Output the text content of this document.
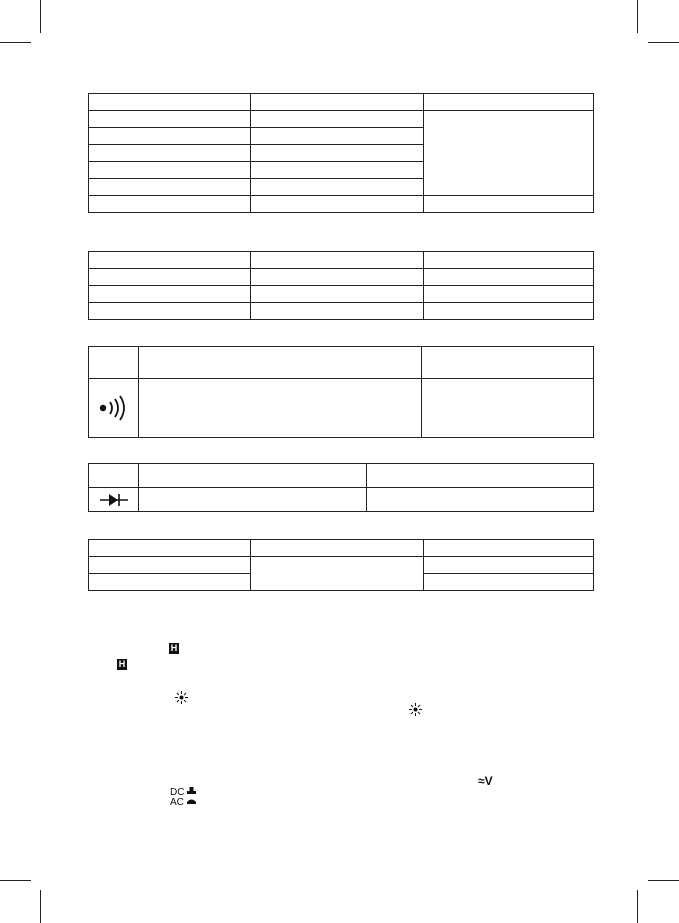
H
H
≈V
DC
AC
